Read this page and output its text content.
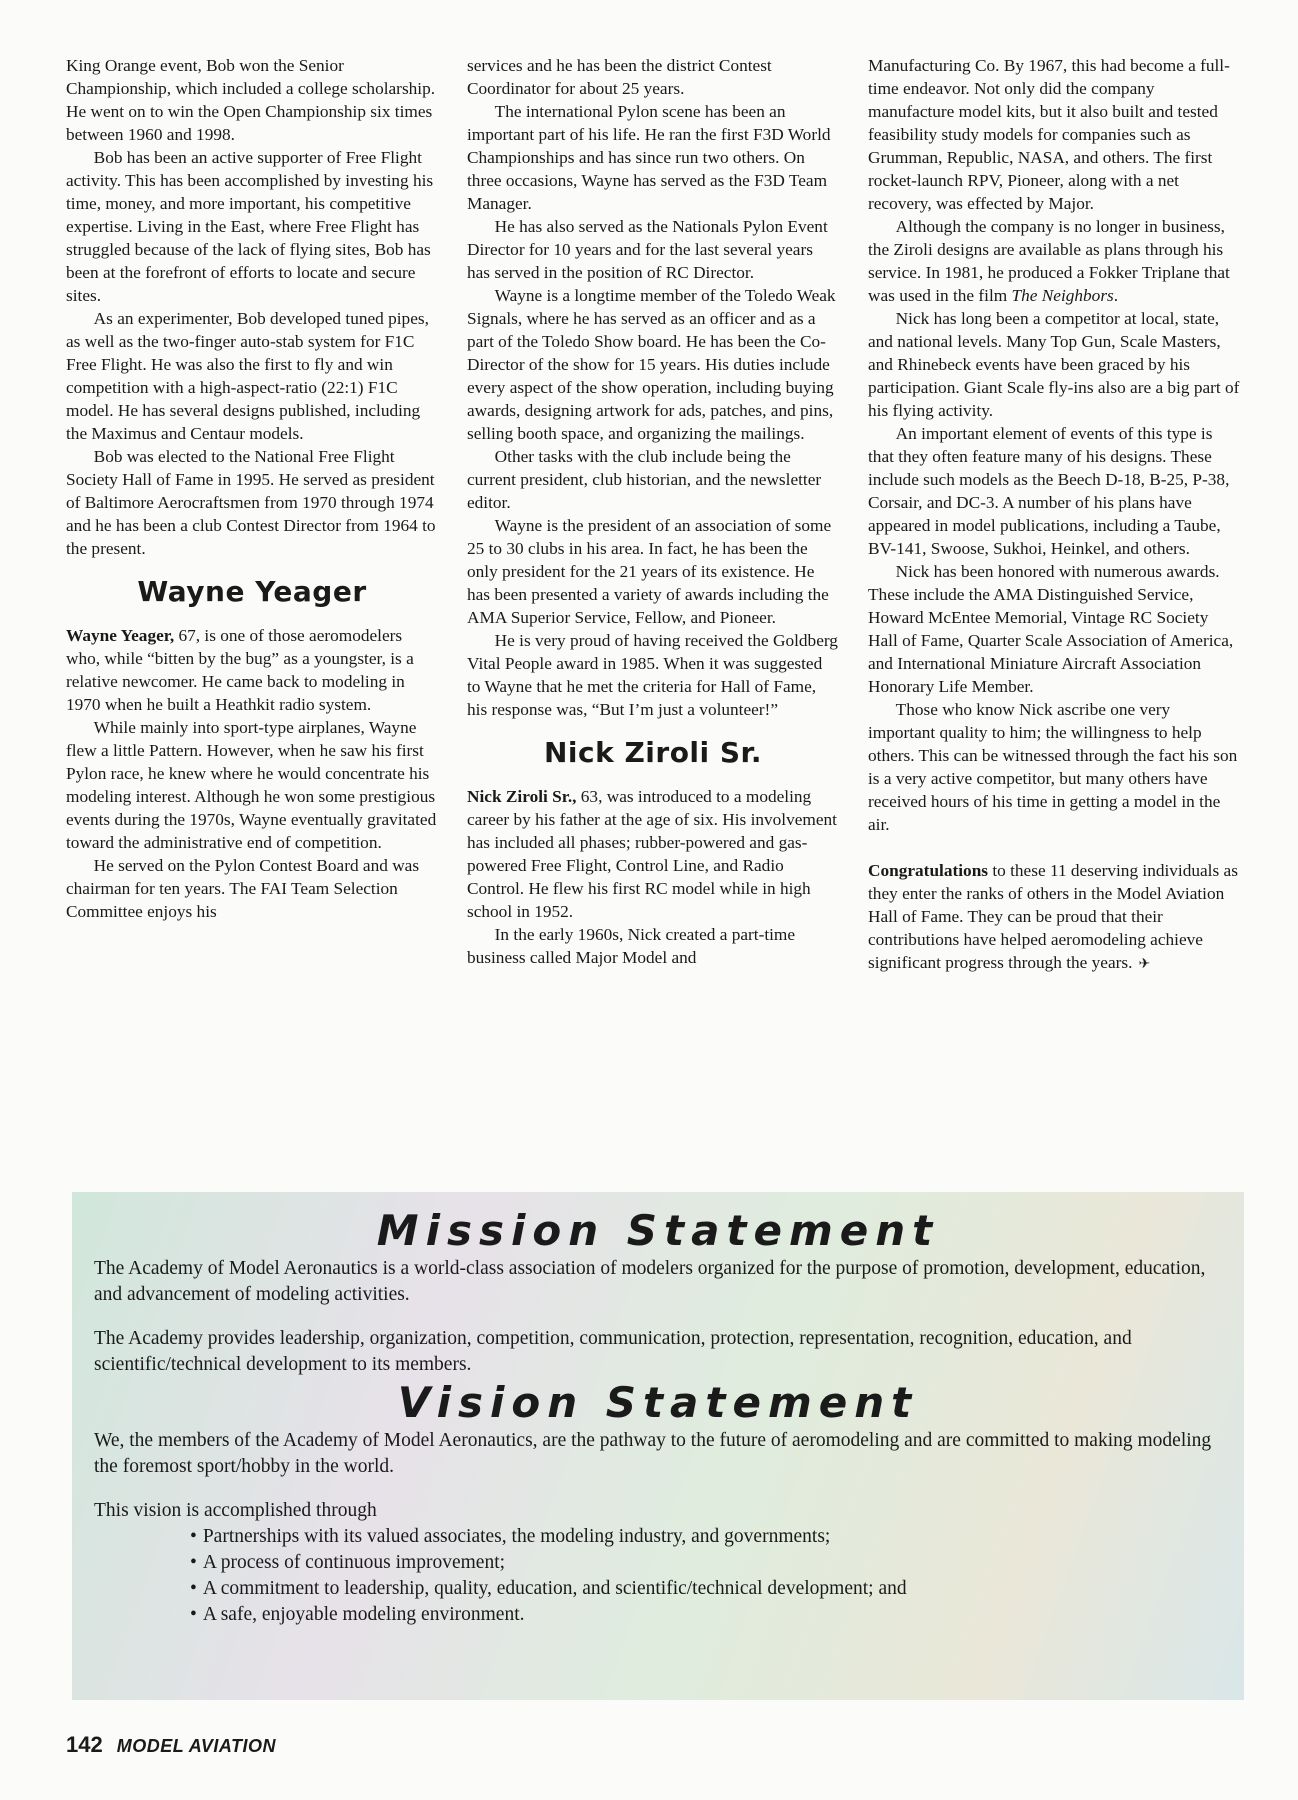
King Orange event, Bob won the Senior Championship, which included a college scholarship. He went on to win the Open Championship six times between 1960 and 1998.

Bob has been an active supporter of Free Flight activity. This has been accomplished by investing his time, money, and more important, his competitive expertise. Living in the East, where Free Flight has struggled because of the lack of flying sites, Bob has been at the forefront of efforts to locate and secure sites.

As an experimenter, Bob developed tuned pipes, as well as the two-finger auto-stab system for F1C Free Flight. He was also the first to fly and win competition with a high-aspect-ratio (22:1) F1C model. He has several designs published, including the Maximus and Centaur models.

Bob was elected to the National Free Flight Society Hall of Fame in 1995. He served as president of Baltimore Aerocraftsmen from 1970 through 1974 and he has been a club Contest Director from 1964 to the present.

Wayne Yeager

Wayne Yeager, 67, is one of those aeromodelers who, while “bitten by the bug” as a youngster, is a relative newcomer. He came back to modeling in 1970 when he built a Heathkit radio system.

While mainly into sport-type airplanes, Wayne flew a little Pattern. However, when he saw his first Pylon race, he knew where he would concentrate his modeling interest. Although he won some prestigious events during the 1970s, Wayne eventually gravitated toward the administrative end of competition.

He served on the Pylon Contest Board and was chairman for ten years. The FAI Team Selection Committee enjoys his

services and he has been the district Contest Coordinator for about 25 years.

The international Pylon scene has been an important part of his life. He ran the first F3D World Championships and has since run two others. On three occasions, Wayne has served as the F3D Team Manager.

He has also served as the Nationals Pylon Event Director for 10 years and for the last several years has served in the position of RC Director.

Wayne is a longtime member of the Toledo Weak Signals, where he has served as an officer and as a part of the Toledo Show board. He has been the Co-Director of the show for 15 years. His duties include every aspect of the show operation, including buying awards, designing artwork for ads, patches, and pins, selling booth space, and organizing the mailings.

Other tasks with the club include being the current president, club historian, and the newsletter editor.

Wayne is the president of an association of some 25 to 30 clubs in his area. In fact, he has been the only president for the 21 years of its existence. He has been presented a variety of awards including the AMA Superior Service, Fellow, and Pioneer.

He is very proud of having received the Goldberg Vital People award in 1985. When it was suggested to Wayne that he met the criteria for Hall of Fame, his response was, “But I’m just a volunteer!”

Nick Ziroli Sr.

Nick Ziroli Sr., 63, was introduced to a modeling career by his father at the age of six. His involvement has included all phases; rubber-powered and gas-powered Free Flight, Control Line, and Radio Control. He flew his first RC model while in high school in 1952.

In the early 1960s, Nick created a part-time business called Major Model and

Manufacturing Co. By 1967, this had become a full-time endeavor. Not only did the company manufacture model kits, but it also built and tested feasibility study models for companies such as Grumman, Republic, NASA, and others. The first rocket-launch RPV, Pioneer, along with a net recovery, was effected by Major.

Although the company is no longer in business, the Ziroli designs are available as plans through his service. In 1981, he produced a Fokker Triplane that was used in the film The Neighbors.

Nick has long been a competitor at local, state, and national levels. Many Top Gun, Scale Masters, and Rhinebeck events have been graced by his participation. Giant Scale fly-ins also are a big part of his flying activity.

An important element of events of this type is that they often feature many of his designs. These include such models as the Beech D-18, B-25, P-38, Corsair, and DC-3. A number of his plans have appeared in model publications, including a Taube, BV-141, Swoose, Sukhoi, Heinkel, and others.

Nick has been honored with numerous awards. These include the AMA Distinguished Service, Howard McEntee Memorial, Vintage RC Society Hall of Fame, Quarter Scale Association of America, and International Miniature Aircraft Association Honorary Life Member.

Those who know Nick ascribe one very important quality to him; the willingness to help others. This can be witnessed through the fact his son is a very active competitor, but many others have received hours of his time in getting a model in the air.

Congratulations to these 11 deserving individuals as they enter the ranks of others in the Model Aviation Hall of Fame. They can be proud that their contributions have helped aeromodeling achieve significant progress through the years. ✈

Mission Statement

The Academy of Model Aeronautics is a world-class association of modelers organized for the purpose of promotion, development, education, and advancement of modeling activities.

The Academy provides leadership, organization, competition, communication, protection, representation, recognition, education, and scientific/technical development to its members.

Vision Statement

We, the members of the Academy of Model Aeronautics, are the pathway to the future of aeromodeling and are committed to making modeling the foremost sport/hobby in the world.

This vision is accomplished through

• Partnerships with its valued associates, the modeling industry, and governments;
• A process of continuous improvement;
• A commitment to leadership, quality, education, and scientific/technical development; and
• A safe, enjoyable modeling environment.
142 MODEL AVIATION
